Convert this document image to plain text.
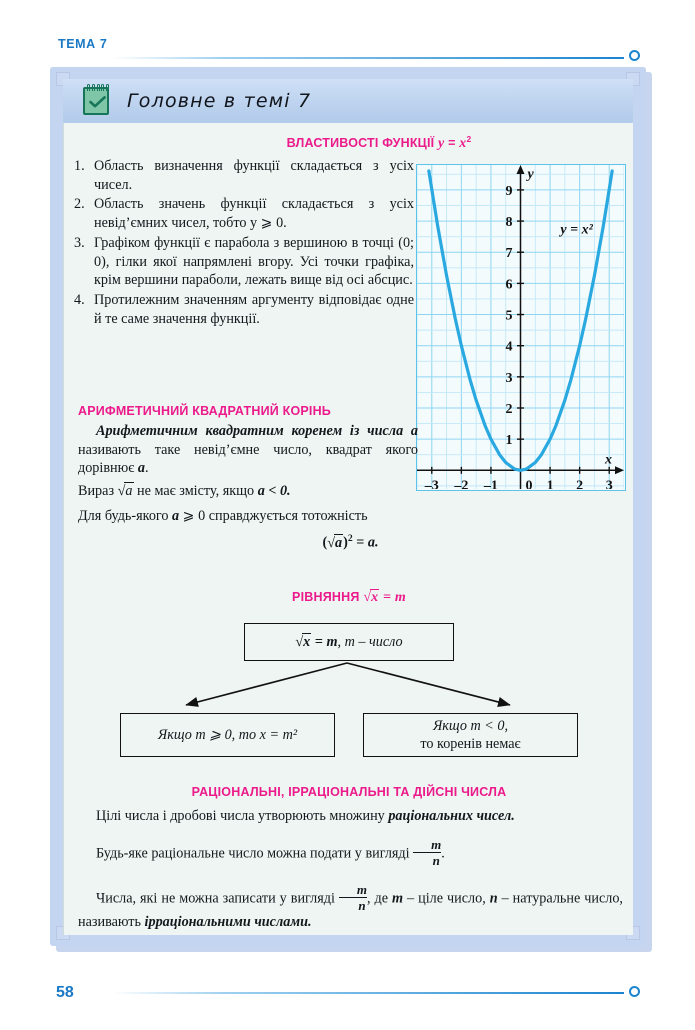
ТЕМА 7
Головне в темі 7
ВЛАСТИВОСТІ ФУНКЦІЇ $y = x^2$
Область визначення функції складається з усіх чисел.
Область значень функції складається з усіх невід’ємних чисел, тобто y ⩾ 0.
Графіком функції є парабола з вершиною в точці (0; 0), гілки якої напрямлені вгору. Усі точки графіка, крім вершини параболи, лежать вище від осі абсцис.
Протилежним значенням аргументу відповідає одне й те саме значення функції.
1
2
3
4
5
6
7
8
9
–3 –2 –1 0 1 2 3
y
x
y = x²
АРИФМЕТИЧНИЙ КВАДРАТНИЙ КОРІНЬ

Арифметичним квадратним коренем із числа a називають таке невід’ємне число, квадрат якого дорівнює a.

Вираз √a не має змісту, якщо a < 0.

Для будь-якого a ⩾ 0 справджується тотожність

$(√a)^2 = a$.

РІВНЯННЯ √x = m
√x = m, m – число
Якщо m ⩾ 0, то x = m²
Якщо m < 0,
то коренів немає
РАЦІОНАЛЬНІ, ІРРАЦІОНАЛЬНІ ТА ДІЙСНІ ЧИСЛА

Цілі числа і дробові числа утворюють множину раціональних чисел.

Будь-яке раціональне число можна подати у вигляді $\frac{m}{n}$ .

Числа, які не можна записати у вигляді $\frac{m}{n}$ , де m – ціле число, n – натуральне число, називають ірраціональними числами.

58
